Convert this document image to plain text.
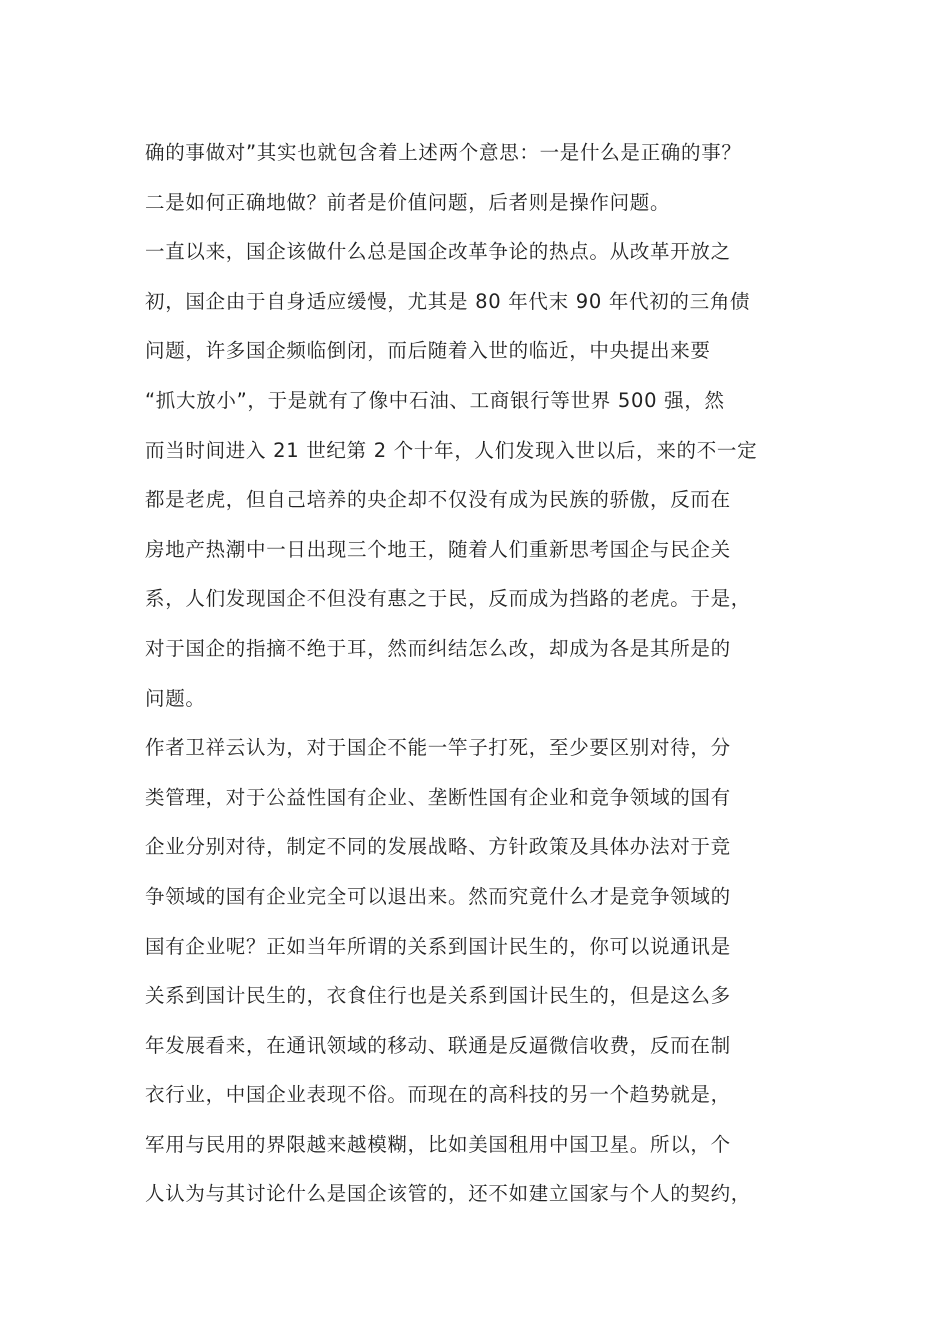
确的事做对”其实也就包含着上述两个意思：一是什么是正确的事？
二是如何正确地做？前者是价值问题，后者则是操作问题。
一直以来，国企该做什么总是国企改革争论的热点。从改革开放之
初，国企由于自身适应缓慢，尤其是 80 年代末 90 年代初的三角债
问题，许多国企频临倒闭，而后随着入世的临近，中央提出来要
“抓大放小”，于是就有了像中石油、工商银行等世界 500 强，然
而当时间进入 21 世纪第 2 个十年，人们发现入世以后，来的不一定
都是老虎，但自己培养的央企却不仅没有成为民族的骄傲，反而在
房地产热潮中一日出现三个地王，随着人们重新思考国企与民企关
系，人们发现国企不但没有惠之于民，反而成为挡路的老虎。于是，
对于国企的指摘不绝于耳，然而纠结怎么改，却成为各是其所是的
问题。
作者卫祥云认为，对于国企不能一竿子打死，至少要区别对待，分
类管理，对于公益性国有企业、垄断性国有企业和竞争领域的国有
企业分别对待，制定不同的发展战略、方针政策及具体办法对于竞
争领域的国有企业完全可以退出来。然而究竟什么才是竞争领域的
国有企业呢？正如当年所谓的关系到国计民生的，你可以说通讯是
关系到国计民生的，衣食住行也是关系到国计民生的，但是这么多
年发展看来，在通讯领域的移动、联通是反逼微信收费，反而在制
衣行业，中国企业表现不俗。而现在的高科技的另一个趋势就是，
军用与民用的界限越来越模糊，比如美国租用中国卫星。所以，个
人认为与其讨论什么是国企该管的，还不如建立国家与个人的契约，
